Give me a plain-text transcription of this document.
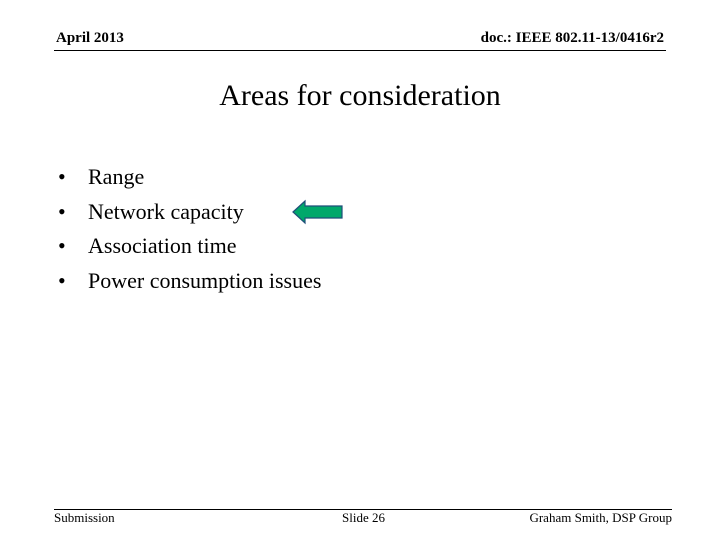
April 2013	doc.: IEEE 802.11-13/0416r2
Areas for consideration
•	Range
•	Network capacity
•	Association time
•	Power consumption issues
Submission	Slide 26	Graham Smith, DSP Group
